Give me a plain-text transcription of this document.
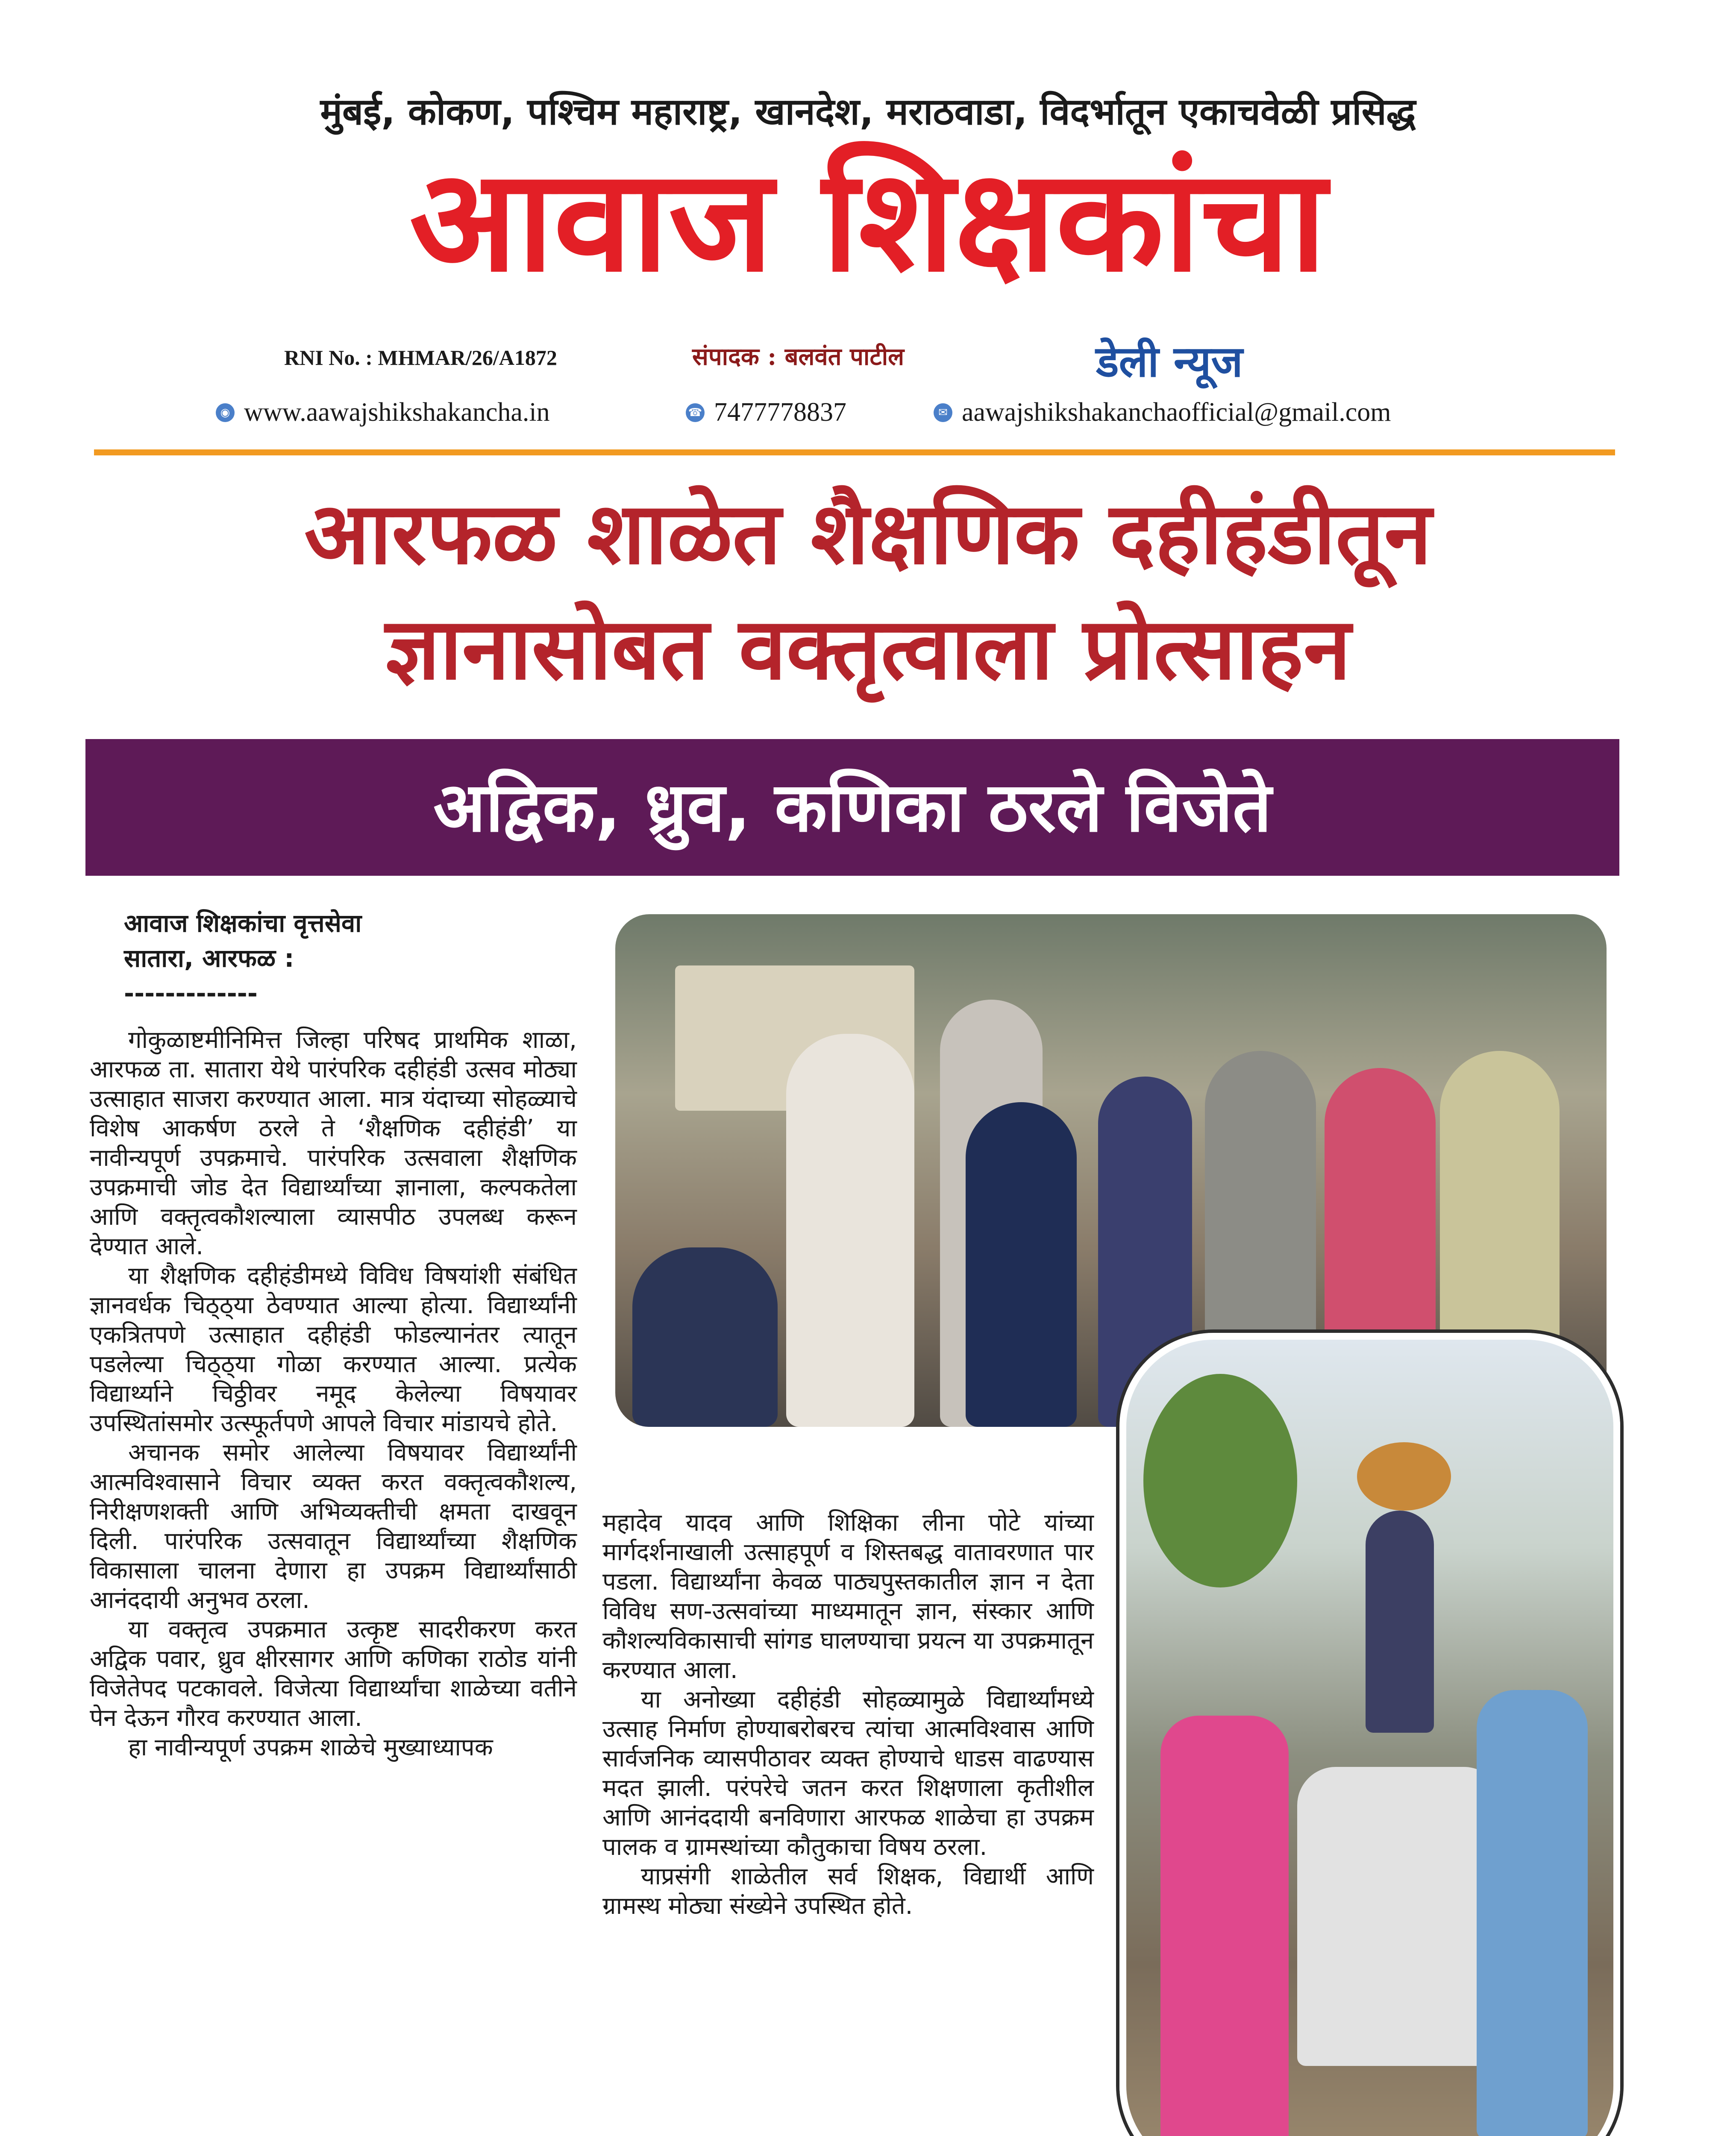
मुंबई, कोकण, पश्चिम महाराष्ट्र, खानदेश, मराठवाडा, विदर्भातून एकाचवेळी प्रसिद्ध
आवाज शिक्षकांचा
RNI No. : MHMAR/26/A1872	संपादक : बलवंत पाटील	डेली न्यूज
◉ www.aawajshikshakancha.in	☎ 7477778837	✉ aawajshikshakanchaofficial@gmail.com
आरफळ शाळेत शैक्षणिक दहीहंडीतून
ज्ञानासोबत वक्तृत्वाला प्रोत्साहन
अद्विक, ध्रुव, कणिका ठरले विजेते
आवाज शिक्षकांचा वृत्तसेवा
सातारा, आरफळ :
-------------

गोकुळाष्टमीनिमित्त जिल्हा परिषद प्राथमिक शाळा, आरफळ ता. सातारा येथे पारंपरिक दहीहंडी उत्सव मोठ्या उत्साहात साजरा करण्यात आला. मात्र यंदाच्या सोहळ्याचे विशेष आकर्षण ठरले ते ‘शैक्षणिक दहीहंडी’ या नावीन्यपूर्ण उपक्रमाचे. पारंपरिक उत्सवाला शैक्षणिक उपक्रमाची जोड देत विद्यार्थ्यांच्या ज्ञानाला, कल्पकतेला आणि वक्तृत्वकौशल्याला व्यासपीठ उपलब्ध करून देण्यात आले.

या शैक्षणिक दहीहंडीमध्ये विविध विषयांशी संबंधित ज्ञानवर्धक चिठ्ठ्या ठेवण्यात आल्या होत्या. विद्यार्थ्यांनी एकत्रितपणे उत्साहात दहीहंडी फोडल्यानंतर त्यातून पडलेल्या चिठ्ठ्या गोळा करण्यात आल्या. प्रत्येक विद्यार्थ्याने चिठ्ठीवर नमूद केलेल्या विषयावर उपस्थितांसमोर उत्स्फूर्तपणे आपले विचार मांडायचे होते.

अचानक समोर आलेल्या विषयावर विद्यार्थ्यांनी आत्मविश्वासाने विचार व्यक्त करत वक्तृत्वकौशल्य, निरीक्षणशक्ती आणि अभिव्यक्तीची क्षमता दाखवून दिली. पारंपरिक उत्सवातून विद्यार्थ्यांच्या शैक्षणिक विकासाला चालना देणारा हा उपक्रम विद्यार्थ्यांसाठी आनंददायी अनुभव ठरला.

या वक्तृत्व उपक्रमात उत्कृष्ट सादरीकरण करत अद्विक पवार, ध्रुव क्षीरसागर आणि कणिका राठोड यांनी विजेतेपद पटकावले. विजेत्या विद्यार्थ्यांचा शाळेच्या वतीने पेन देऊन गौरव करण्यात आला.

हा नावीन्यपूर्ण उपक्रम शाळेचे मुख्याध्यापक

महादेव यादव आणि शिक्षिका लीना पोटे यांच्या मार्गदर्शनाखाली उत्साहपूर्ण व शिस्तबद्ध वातावरणात पार पडला. विद्यार्थ्यांना केवळ पाठ्यपुस्तकातील ज्ञान न देता विविध सण-उत्सवांच्या माध्यमातून ज्ञान, संस्कार आणि कौशल्यविकासाची सांगड घालण्याचा प्रयत्न या उपक्रमातून करण्यात आला.

या अनोख्या दहीहंडी सोहळ्यामुळे विद्यार्थ्यांमध्ये उत्साह निर्माण होण्याबरोबरच त्यांचा आत्मविश्वास आणि सार्वजनिक व्यासपीठावर व्यक्त होण्याचे धाडस वाढण्यास मदत झाली. परंपरेचे जतन करत शिक्षणाला कृतीशील आणि आनंददायी बनविणारा आरफळ शाळेचा हा उपक्रम पालक व ग्रामस्थांच्या कौतुकाचा विषय ठरला.

याप्रसंगी शाळेतील सर्व शिक्षक, विद्यार्थी आणि ग्रामस्थ मोठ्या संख्येने उपस्थित होते.
